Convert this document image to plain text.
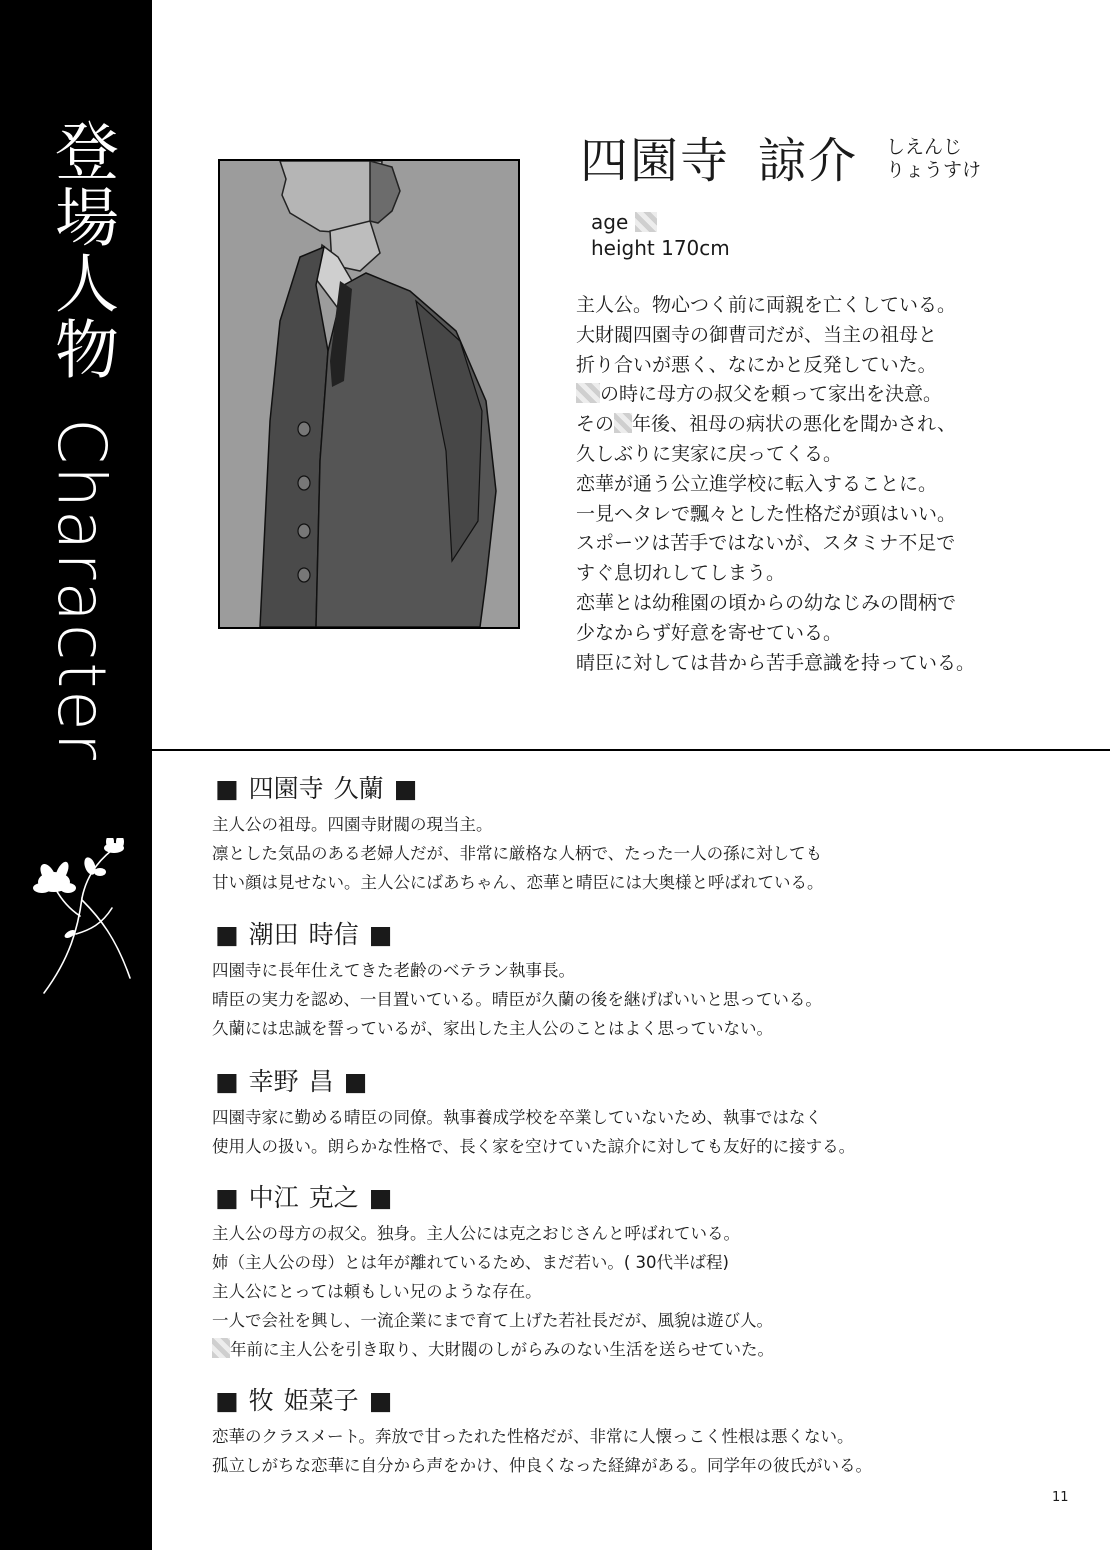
登場人物Character
四園寺 諒介 しえんじ
りょうすけ
age
height 170cm
主人公。物心つく前に両親を亡くしている。
大財閥四園寺の御曹司だが、当主の祖母と
折り合いが悪く、なにかと反発していた。
の時に母方の叔父を頼って家出を決意。
その 年後、祖母の病状の悪化を聞かされ、
久しぶりに実家に戻ってくる。
恋華が通う公立進学校に転入することに。
一見ヘタレで飄々とした性格だが頭はいい。
スポーツは苦手ではないが、スタミナ不足で
すぐ息切れしてしまう。
恋華とは幼稚園の頃からの幼なじみの間柄で
少なからず好意を寄せている。
晴臣に対しては昔から苦手意識を持っている。
■ 四園寺 久蘭 ■
主人公の祖母。四園寺財閥の現当主。
凛とした気品のある老婦人だが、非常に厳格な人柄で、たった一人の孫に対しても
甘い顔は見せない。主人公にばあちゃん、恋華と晴臣には大奥様と呼ばれている。
■ 潮田 時信 ■
四園寺に長年仕えてきた老齢のベテラン執事長。
晴臣の実力を認め、一目置いている。晴臣が久蘭の後を継げばいいと思っている。
久蘭には忠誠を誓っているが、家出した主人公のことはよく思っていない。
■ 幸野 昌 ■
四園寺家に勤める晴臣の同僚。執事養成学校を卒業していないため、執事ではなく
使用人の扱い。朗らかな性格で、長く家を空けていた諒介に対しても友好的に接する。
■ 中江 克之 ■
主人公の母方の叔父。独身。主人公には克之おじさんと呼ばれている。
姉（主人公の母）とは年が離れているため、まだ若い。( 30代半ば程)
主人公にとっては頼もしい兄のような存在。
一人で会社を興し、一流企業にまで育て上げた若社長だが、風貌は遊び人。
年前に主人公を引き取り、大財閥のしがらみのない生活を送らせていた。
■ 牧 姫菜子 ■
恋華のクラスメート。奔放で甘ったれた性格だが、非常に人懐っこく性根は悪くない。
孤立しがちな恋華に自分から声をかけ、仲良くなった経緯がある。同学年の彼氏がいる。
11
